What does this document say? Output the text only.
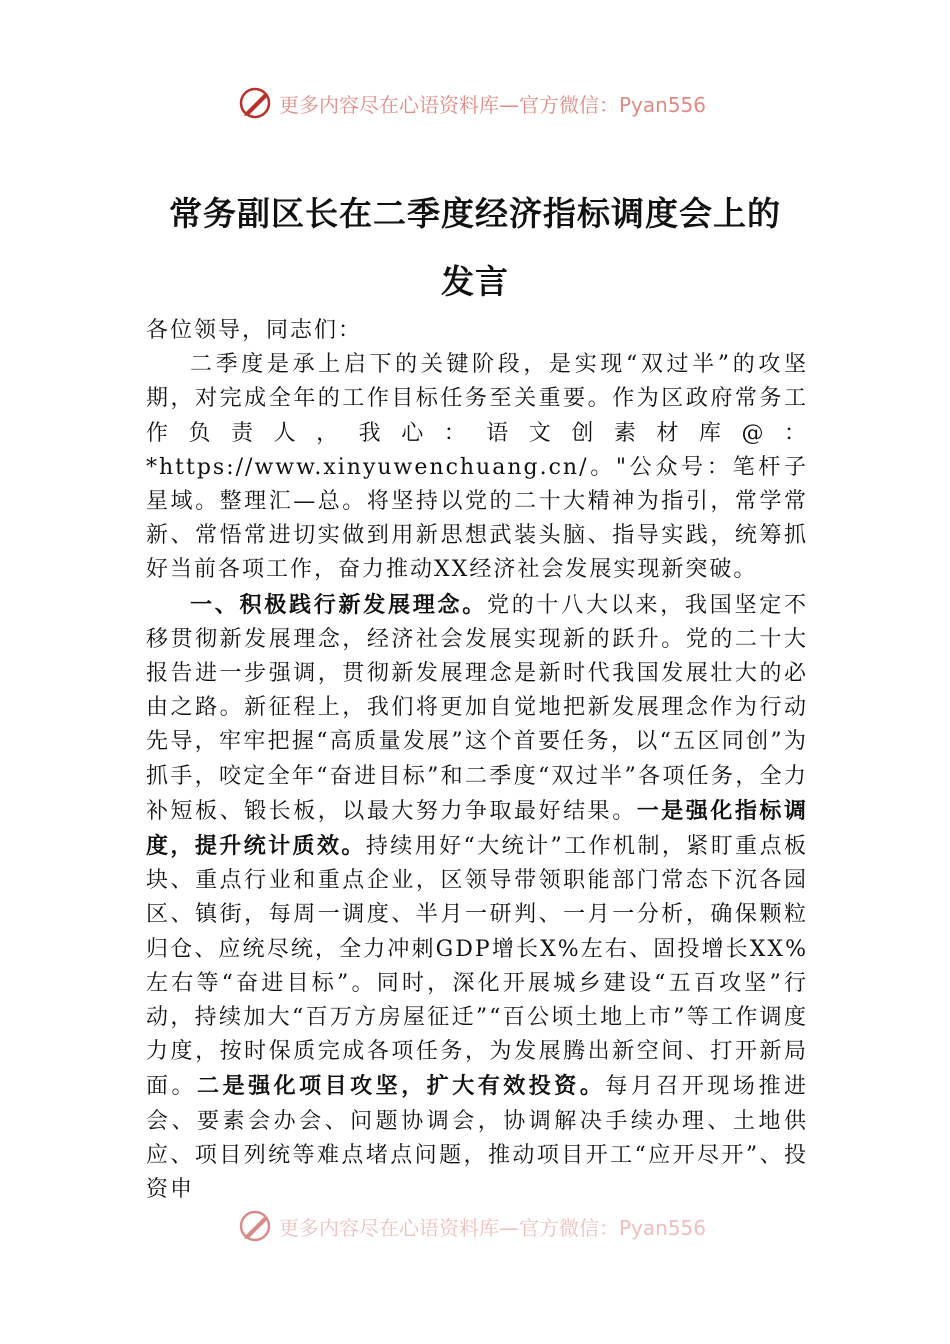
更多内容尽在心语资料库—官方微信：Pyan556
常务副区长在二季度经济指标调度会上的
发言

各位领导，同志们：

二季度是承上启下的关键阶段，是实现“双过半”的攻坚期，对完成全年的工作目标任务至关重要。作为区政府常务工作负责人，我心：语文创素材库@：*https://www.xinyuwenchuang.cn/。"公众号：笔杆子星域。整理汇—总。将坚持以党的二十大精神为指引，常学常新、常悟常进切实做到用新思想武装头脑、指导实践，统筹抓好当前各项工作，奋力推动XX经济社会发展实现新突破。

一、积极践行新发展理念。党的十八大以来，我国坚定不移贯彻新发展理念，经济社会发展实现新的跃升。党的二十大报告进一步强调，贯彻新发展理念是新时代我国发展壮大的必由之路。新征程上，我们将更加自觉地把新发展理念作为行动先导，牢牢把握“高质量发展”这个首要任务，以“五区同创”为抓手，咬定全年“奋进目标”和二季度“双过半”各项任务，全力补短板、锻长板，以最大努力争取最好结果。一是强化指标调度，提升统计质效。持续用好“大统计”工作机制，紧盯重点板块、重点行业和重点企业，区领导带领职能部门常态下沉各园区、镇街，每周一调度、半月一研判、一月一分析，确保颗粒归仓、应统尽统，全力冲刺GDP增长X%左右、固投增长XX%左右等“奋进目标”。同时，深化开展城乡建设“五百攻坚”行动，持续加大“百万方房屋征迁”“百公顷土地上市”等工作调度力度，按时保质完成各项任务，为发展腾出新空间、打开新局面。二是强化项目攻坚，扩大有效投资。每月召开现场推进会、要素会办会、问题协调会，协调解决手续办理、土地供应、项目列统等难点堵点问题，推动项目开工“应开尽开”、投资申

更多内容尽在心语资料库—官方微信：Pyan556
